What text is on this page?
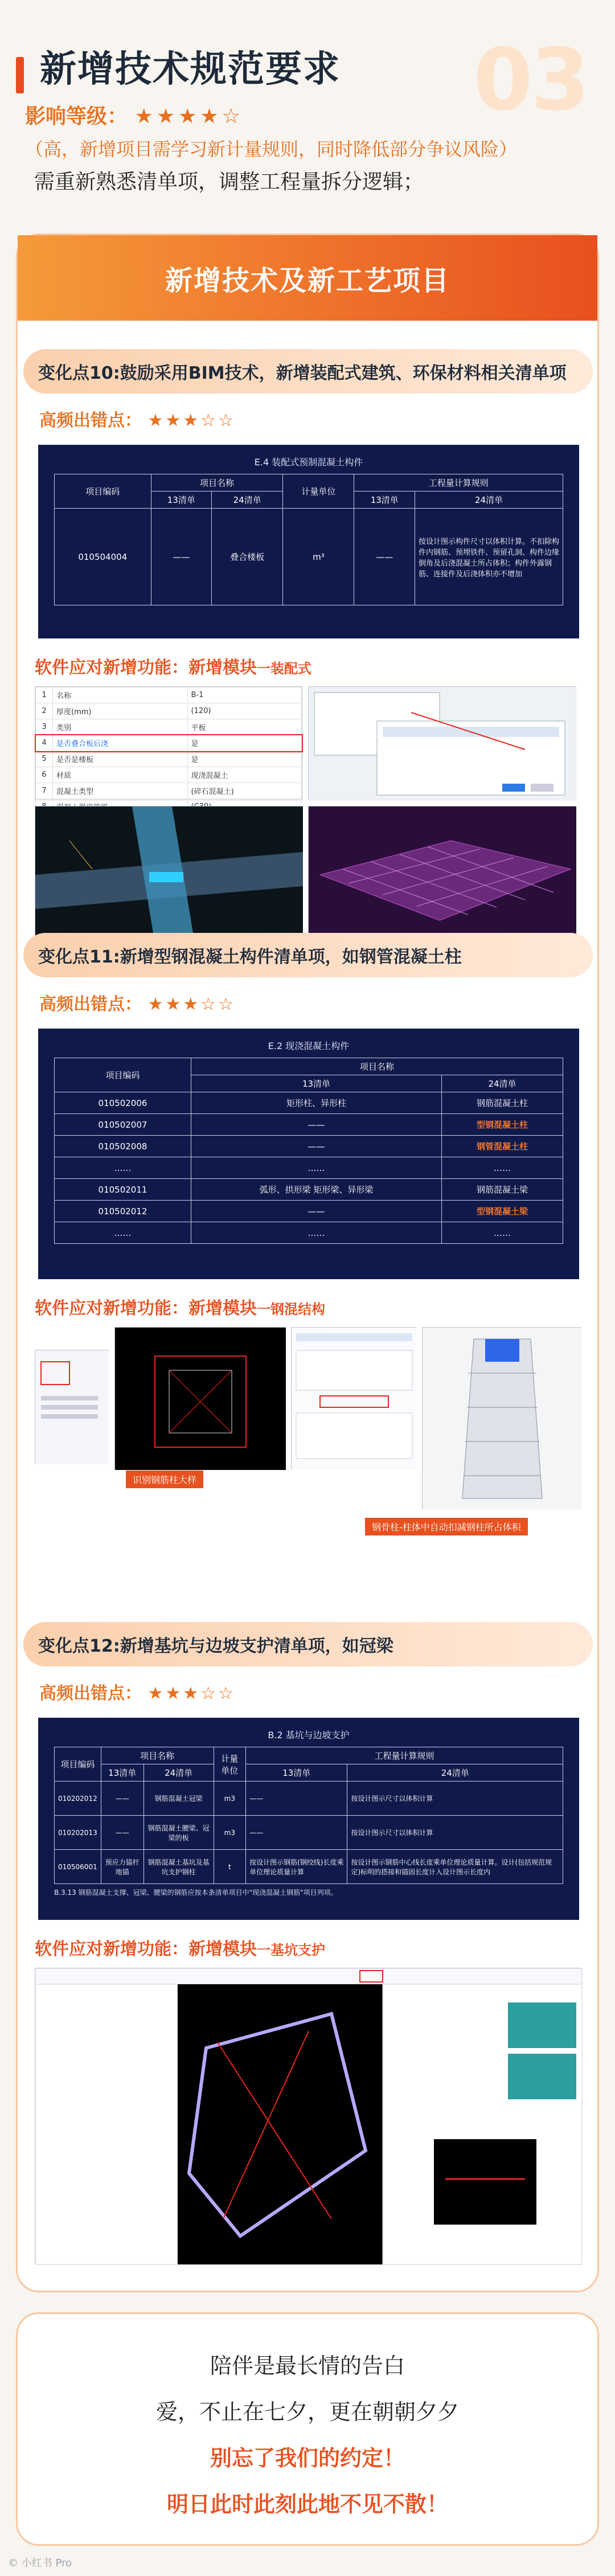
新增技术规范要求	03
影响等级： ★★★★☆
（高，新增项目需学习新计量规则，同时降低部分争议风险）
需重新熟悉清单项，调整工程量拆分逻辑；
新增技术及新工艺项目
变化点10:鼓励采用BIM技术，新增装配式建筑、环保材料相关清单项
高频出错点： ★★★☆☆
E.4 装配式预制混凝土构件
项目编码	项目名称		计量单位	工程量计算规则	
	13清单	24清单		13清单	24清单
010504004	——	叠合楼板	m³	——	按设计图示构件尺寸以体积计算。不扣除构件内钢筋、预埋铁件、预留孔洞、构件边缘倒角及后浇混凝土所占体积；构件外露钢筋、连接件及后浇体积亦不增加
软件应对新增功能：新增模块一装配式
1	名称	B-1
2	厚度(mm)	(120)
3	类别	平板
4	是否叠合板后浇	是
5	是否是楼板	是
6	材质	现浇混凝土
7	混凝土类型	(碎石混凝土)

变化点11:新增型钢混凝土构件清单项，如钢管混凝土柱
高频出错点： ★★★☆☆
E.2 现浇混凝土构件
项目编码	项目名称	
	13清单	24清单
010502006	矩形柱、异形柱	钢筋混凝土柱
010502007	——	型钢混凝土柱
010502008	——	钢管混凝土柱
……	……	……
010502011	弧形、拱形梁 矩形梁、异形梁	钢筋混凝土梁
010502012	——	型钢混凝土梁
……	……	……
软件应对新增功能：新增模块一钢混结构
识别钢筋柱大样
钢骨柱-柱体中自动扣减钢柱所占体积
变化点12:新增基坑与边坡支护清单项，如冠梁
高频出错点： ★★★☆☆
B.2 基坑与边坡支护
项目编码	项目名称		计量单位	工程量计算规则	
	13清单	24清单		13清单	24清单
010202012	——	钢筋混凝土冠梁	m3	——	按设计图示尺寸以体积计算
010202013	——	钢筋混凝土腰梁、冠梁的板	m3	——	按设计图示尺寸以体积计算
010506001	预应力锚杆 地锚	钢筋混凝土基坑及基坑支护钢柱	t	按设计图示钢筋(钢绞线)长度乘单位理论质量计算	按设计图示钢筋中心线长度乘单位理论质量计算。设计(包括规范规定)标明的搭接和锚固长度计入设计图示长度内
B.3.13 钢筋混凝土支撑、冠梁、腰梁的钢筋应按本条清单项目中"现浇混凝土钢筋"项目列项。
软件应对新增功能：新增模块一基坑支护
陪伴是最长情的告白
爱，不止在七夕，更在朝朝夕夕
别忘了我们的约定！
明日此时此刻此地不见不散！
© 小红书 Pro
